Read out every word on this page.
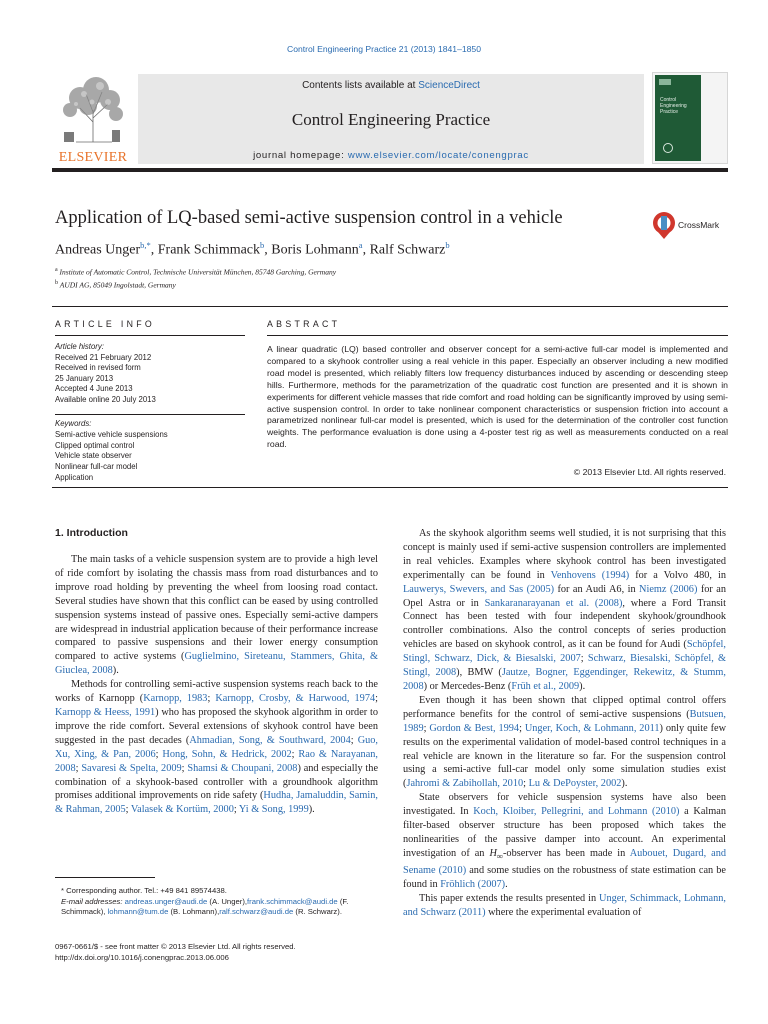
Control Engineering Practice 21 (2013) 1841–1850
ELSEVIER
Contents lists available at ScienceDirect
Control Engineering Practice
journal homepage: www.elsevier.com/locate/conengprac
Control
Engineering
Practice
Application of LQ-based semi-active suspension control in a vehicle	CrossMark
Andreas Unger$^{b,*}$, Frank Schimmack$^b$, Boris Lohmann$^a$, Ralf Schwarz$^b$
$^a$ Institute of Automatic Control, Technische Universität München, 85748 Garching, Germany
$^b$ AUDI AG, 85049 Ingolstadt, Germany
ARTICLE INFO	ABSTRACT
Article history:
Received 21 February 2012
Received in revised form
25 January 2013
Accepted 4 June 2013
Available online 20 July 2013
Keywords:
Semi-active vehicle suspensions
Clipped optimal control
Vehicle state observer
Nonlinear full-car model
Application
A linear quadratic (LQ) based controller and observer concept for a semi-active full-car model is implemented and compared to a skyhook controller using a real vehicle in this paper. Especially an observer including a new modified road model is presented, which reliably filters low frequency disturbances induced by ascending or descending steep hills. Furthermore, methods for the parametrization of the quadratic cost function are presented and it is shown in experiments for different vehicle masses that ride comfort and road holding can be significantly improved by using semi-active suspension control. In order to take nonlinear component characteristics or suspension friction into account a parametrized nonlinear full-car model is presented, which is used for the determination of the controller cost function weights. The performance evaluation is done using a 4-poster test rig as well as measurements conducted on a real road.
© 2013 Elsevier Ltd. All rights reserved.
1. Introduction

The main tasks of a vehicle suspension system are to provide a high level of ride comfort by isolating the chassis mass from road disturbances and to improve road holding by preventing the wheel from loosing road contact. Several studies have shown that this conflict can be eased by using controlled suspension systems instead of passive ones. Especially semi-active dampers are widespread in industrial application because of their performance increase compared to passive suspensions and their lower energy consumption compared to active systems (Guglielmino, Sireteanu, Stammers, Ghita, & Giuclea, 2008).

Methods for controlling semi-active suspension systems reach back to the works of Karnopp (Karnopp, 1983; Karnopp, Crosby, & Harwood, 1974; Karnopp & Heess, 1991) who has proposed the skyhook algorithm in order to improve the ride comfort. Several extensions of skyhook control have been suggested in the past decades (Ahmadian, Song, & Southward, 2004; Guo, Xu, Xing, & Pan, 2006; Hong, Sohn, & Hedrick, 2002; Rao & Narayanan, 2008; Savaresi & Spelta, 2009; Shamsi & Choupani, 2008) and especially the combination of a skyhook-based controller with a groundhook algorithm promises additional improvements on ride safety (Hudha, Jamaluddin, Samin, & Rahman, 2005; Valasek & Kortüm, 2000; Yi & Song, 1999).

As the skyhook algorithm seems well studied, it is not surprising that this concept is mainly used if semi-active suspension controllers are implemented in real vehicles. Examples where skyhook control has been investigated experimentally can be found in Venhovens (1994) for a Volvo 480, in Lauwerys, Swevers, and Sas (2005) for an Audi A6, in Niemz (2006) for an Opel Astra or in Sankaranarayanan et al. (2008), where a Ford Transit Connect has been tested with four independent skyhook/groundhook controller combinations. Also the control concepts of series production vehicles are based on skyhook control, as it can be found for Audi (Schöpfel, Stingl, Schwarz, Dick, & Biesalski, 2007; Schwarz, Biesalski, Schöpfel, & Stingl, 2008), BMW (Jautze, Bogner, Eggendinger, Rekewitz, & Stumm, 2008) or Mercedes-Benz (Früh et al., 2009).

Even though it has been shown that clipped optimal control offers performance benefits for the control of semi-active suspensions (Butsuen, 1989; Gordon & Best, 1994; Unger, Koch, & Lohmann, 2011) only quite few results on the experimental validation of model-based control techniques in a real vehicle are known in the literature so far. For the suspension control using a semi-active full-car model only some simulation studies exist (Jahromi & Zabihollah, 2010; Lu & DePoyster, 2002).

State observers for vehicle suspension systems have also been investigated. In Koch, Kloiber, Pellegrini, and Lohmann (2010) a Kalman filter-based observer structure has been proposed which takes the nonlinearities of the passive damper into account. An experimental investigation of an $H_\infty$-observer has been made in Aubouet, Dugard, and Sename (2010) and some studies on the robustness of state estimation can be found in Fröhlich (2007).

This paper extends the results presented in Unger, Schimmack, Lohmann, and Schwarz (2011) where the experimental evaluation of

* Corresponding author. Tel.: +49 841 89574438.
E-mail addresses: andreas.unger@audi.de (A. Unger),frank.schimmack@audi.de (F. Schimmack), lohmann@tum.de (B. Lohmann),ralf.schwarz@audi.de (R. Schwarz).
0967-0661/$ - see front matter © 2013 Elsevier Ltd. All rights reserved.
http://dx.doi.org/10.1016/j.conengprac.2013.06.006
